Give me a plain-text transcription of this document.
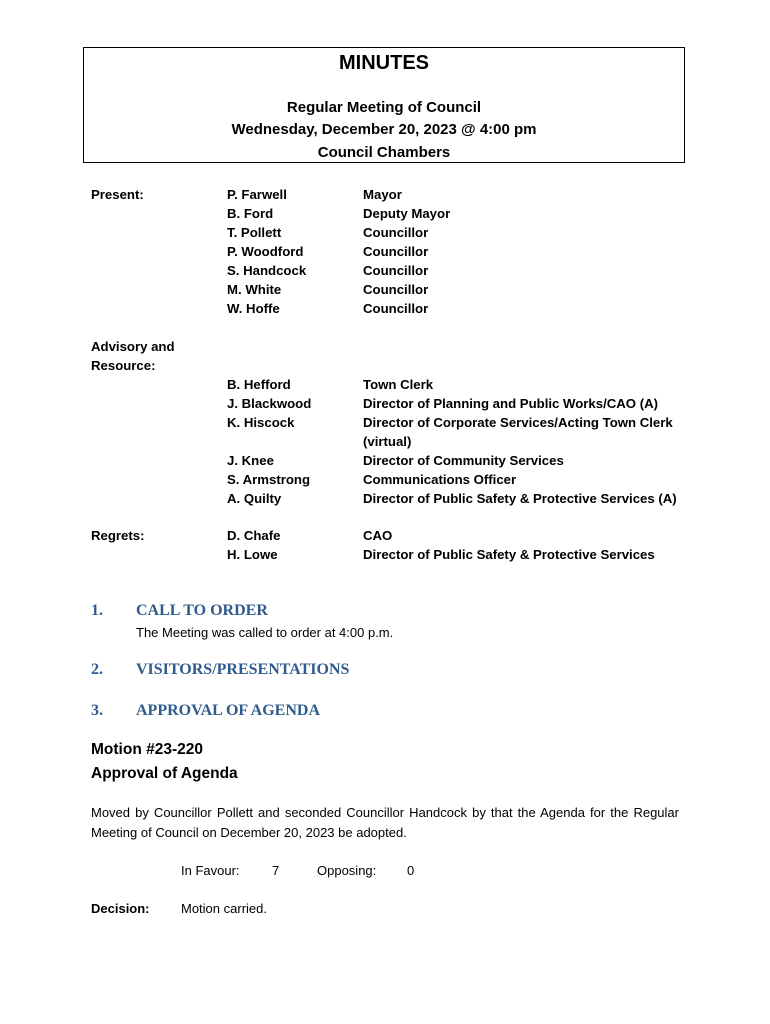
MINUTES
Regular Meeting of Council
Wednesday, December 20, 2023 @ 4:00 pm
Council Chambers
Present:	P. Farwell	Mayor
B. Ford	Deputy Mayor
T. Pollett	Councillor
P. Woodford	Councillor
S. Handcock	Councillor
M. White	Councillor
W. Hoffe	Councillor
Advisory and
Resource:
B. Hefford	Town Clerk
J. Blackwood	Director of Planning and Public Works/CAO (A)
K. Hiscock	Director of Corporate Services/Acting Town Clerk
(virtual)
J. Knee	Director of Community Services
S. Armstrong	Communications Officer
A. Quilty	Director of Public Safety & Protective Services (A)
Regrets:	D. Chafe	CAO
H. Lowe	Director of Public Safety & Protective Services
1. CALL TO ORDER
The Meeting was called to order at 4:00 p.m.
2. VISITORS/PRESENTATIONS
3. APPROVAL OF AGENDA
Motion #23-220
Approval of Agenda
Moved by Councillor Pollett and seconded Councillor Handcock by that the Agenda for the Regular Meeting of Council on December 20, 2023 be adopted.
In Favour: 7	Opposing: 0
Decision: Motion carried.
